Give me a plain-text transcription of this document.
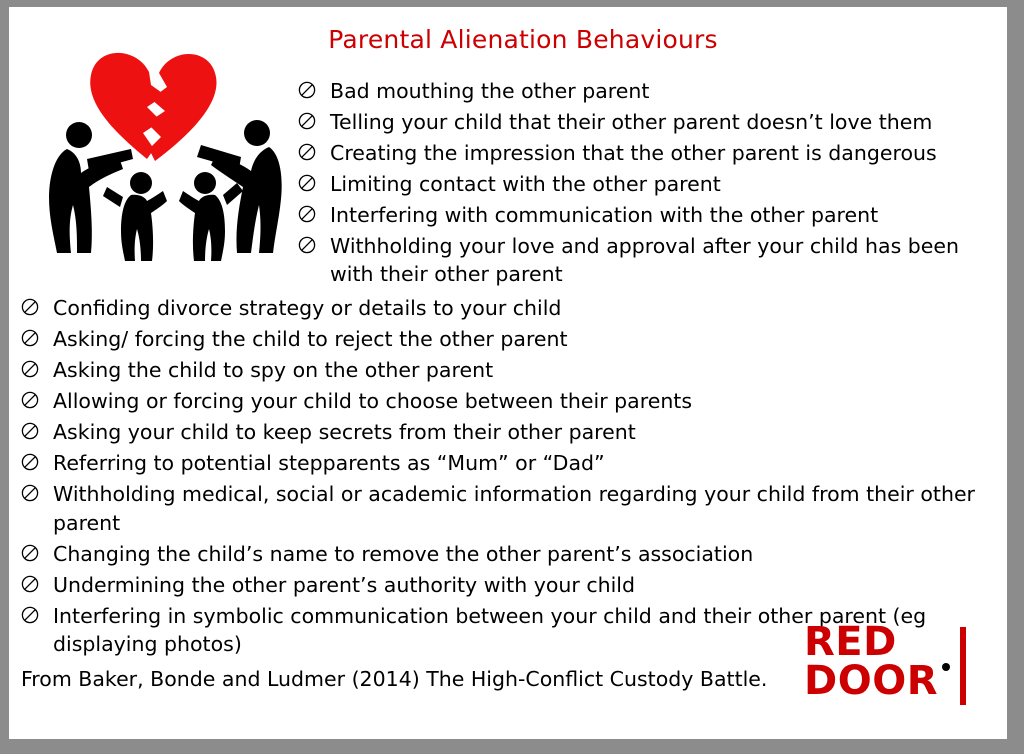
Parental Alienation Behaviours
Bad mouthing the other parent
Telling your child that their other parent doesn’t love them
Creating the impression that the other parent is dangerous
Limiting contact with the other parent
Interfering with communication with the other parent
Withholding your love and approval after your child has been with their other parent
Confiding divorce strategy or details to your child
Asking/ forcing the child to reject the other parent
Asking the child to spy on the other parent
Allowing or forcing your child to choose between their parents
Asking your child to keep secrets from their other parent
Referring to potential stepparents as “Mum” or “Dad”
Withholding medical, social or academic information regarding your child from their other parent
Changing the child’s name to remove the other parent’s association
Undermining the other parent’s authority with your child
Interfering in symbolic communication between your child and their other parent (eg displaying photos)
From Baker, Bonde and Ludmer (2014) The High-Conflict Custody Battle.
RED
DOOR
